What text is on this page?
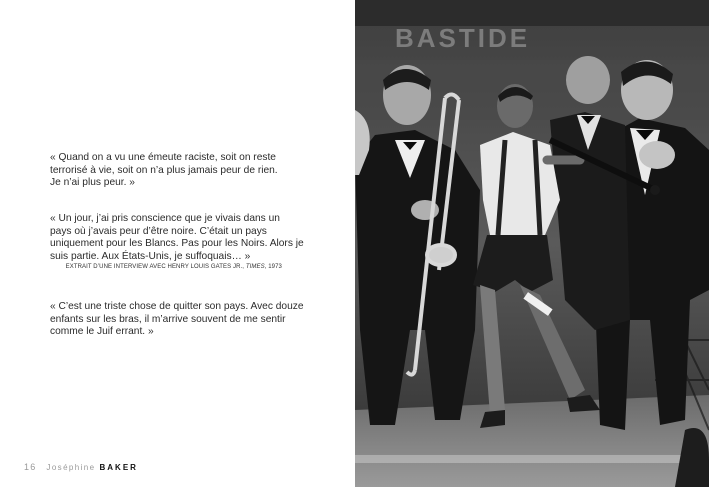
« Quand on a vu une émeute raciste, soit on reste

terrorisé à vie, soit on n’a plus jamais peur de rien.

Je n’ai plus peur. »

« Un jour, j’ai pris conscience que je vivais dans un

pays où j’avais peur d’être noire. C’était un pays

uniquement pour les Blancs. Pas pour les Noirs. Alors je

suis partie. Aux États-Unis, je suffoquais… »

EXTRAIT D’UNE INTERVIEW AVEC HENRY LOUIS GATES JR., TIMES, 1973

« C’est une triste chose de quitter son pays. Avec douze

enfants sur les bras, il m’arrive souvent de me sentir

comme le Juif errant. »

16 Joséphine BAKER
BASTIDE
